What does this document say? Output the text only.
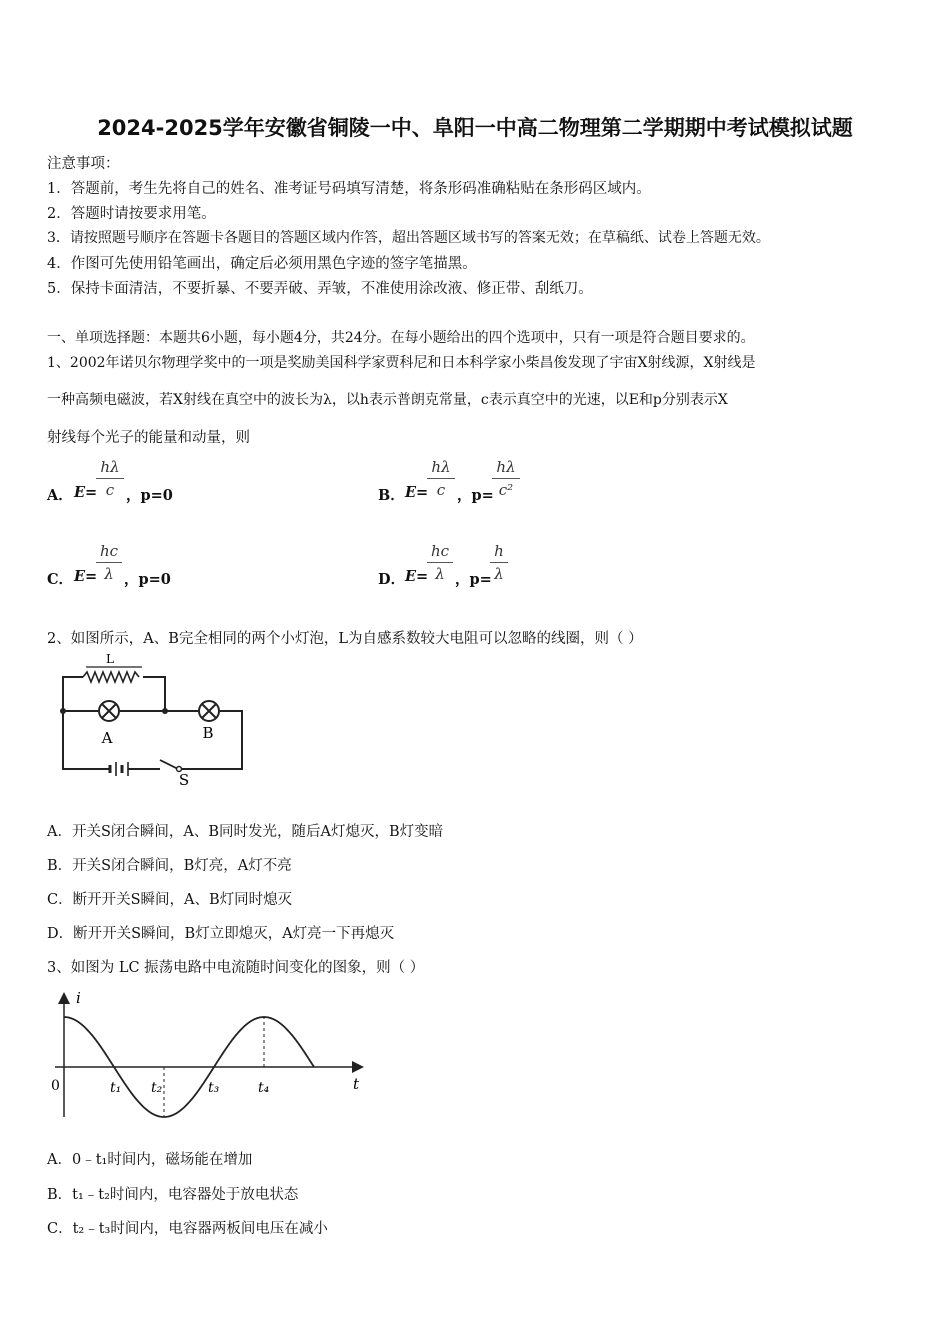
2024-2025学年安徽省铜陵一中、阜阳一中高二物理第二学期期中考试模拟试题
注意事项：
1．答题前，考生先将自己的姓名、准考证号码填写清楚，将条形码准确粘贴在条形码区域内。
2．答题时请按要求用笔。
3．请按照题号顺序在答题卡各题目的答题区域内作答，超出答题区域书写的答案无效；在草稿纸、试卷上答题无效。
4．作图可先使用铅笔画出，确定后必须用黑色字迹的签字笔描黑。
5．保持卡面清洁，不要折暴、不要弄破、弄皱，不准使用涂改液、修正带、刮纸刀。
一、单项选择题：本题共6小题，每小题4分，共24分。在每小题给出的四个选项中，只有一项是符合题目要求的。
1、2002年诺贝尔物理学奖中的一项是奖励美国科学家贾科尼和日本科学家小柴昌俊发现了宇宙X射线源，X射线是
一种高频电磁波，若X射线在真空中的波长为λ，以h表示普朗克常量，c表示真空中的光速，以E和p分别表示X
射线每个光子的能量和动量，则
A． E=
hλ
c ，p=0	B． E=
hλ
c ，p=
hλ
c²
C． E=
hc
λ ，p=0	D． E=
hc
λ ，p=
h
λ
2、如图所示，A、B完全相同的两个小灯泡，L为自感系数较大电阻可以忽略的线圈，则（ ）
L
A	B
S
A．开关S闭合瞬间，A、B同时发光，随后A灯熄灭，B灯变暗
B．开关S闭合瞬间，B灯亮，A灯不亮
C．断开开关S瞬间，A、B灯同时熄灭
D．断开开关S瞬间，B灯立即熄灭，A灯亮一下再熄灭
3、如图为 LC 振荡电路中电流随时间变化的图象，则（ ）
i
t
0	t₁ t₂	t₃	t₄
A．0﹣t₁时间内，磁场能在增加
B．t₁﹣t₂时间内，电容器处于放电状态
C．t₂﹣t₃时间内，电容器两板间电压在减小
